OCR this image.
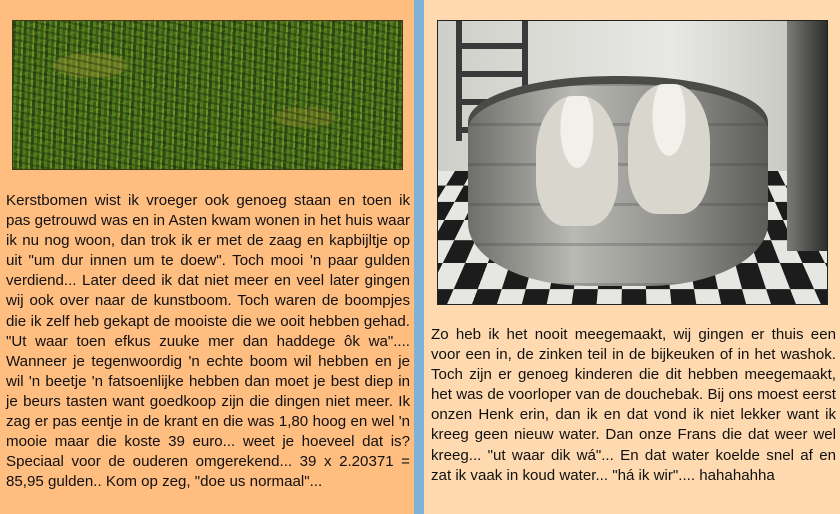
Kerstbomen wist ik vroeger ook genoeg staan en toen ik pas getrouwd was en in Asten kwam wonen in het huis waar ik nu nog woon, dan trok ik er met de zaag en kapbijltje op uit "um dur innen um te doew". Toch mooi 'n paar gulden verdiend... Later deed ik dat niet meer en veel later gingen wij ook over naar de kunstboom. Toch waren de boompjes die ik zelf heb gekapt de mooiste die we ooit hebben gehad. "Ut waar toen efkus zuuke mer dan haddege ôk wa".... Wanneer je tegenwoordig 'n echte boom wil hebben en je wil 'n beetje 'n fatsoenlijke hebben dan moet je best diep in je beurs tasten want goedkoop zijn die dingen niet meer. Ik zag er pas eentje in de krant en die was 1,80 hoog en wel 'n mooie maar die koste 39 euro... weet je hoeveel dat is? Speciaal voor de ouderen omgerekend... 39 x 2.20371 = 85,95 gulden.. Kom op zeg, "doe us normaal"...

Zo heb ik het nooit meegemaakt, wij gingen er thuis een voor een in, de zinken teil in de bijkeuken of in het washok. Toch zijn er genoeg kinderen die dit hebben meegemaakt, het was de voorloper van de douchebak. Bij ons moest eerst onzen Henk erin, dan ik en dat vond ik niet lekker want ik kreeg geen nieuw water. Dan onze Frans die dat weer wel kreeg... "ut waar dik wá"... En dat water koelde snel af en zat ik vaak in koud water... "há ik wir".... hahahahha
